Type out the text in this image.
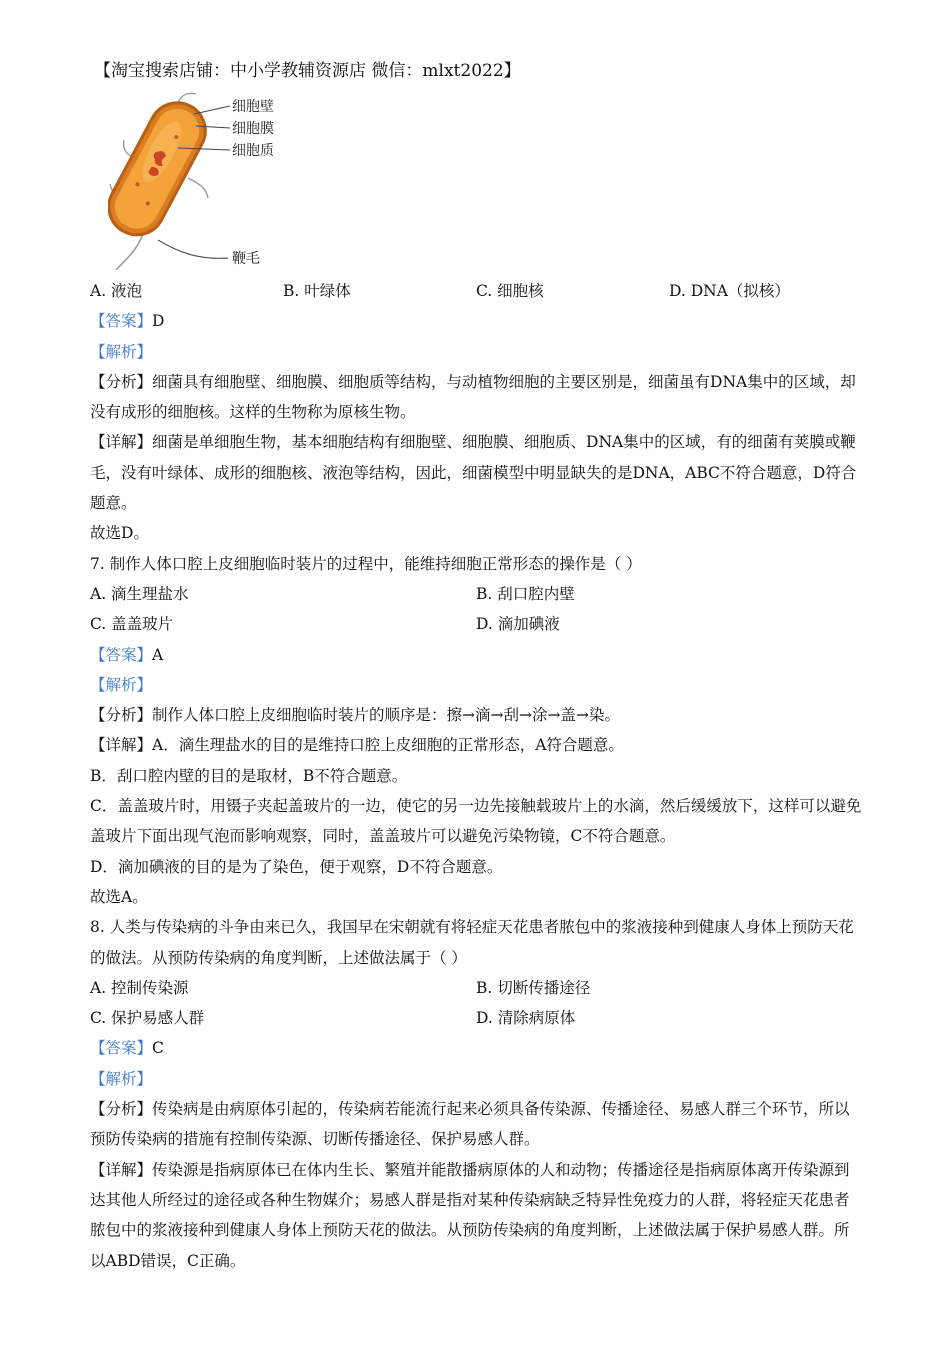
【淘宝搜索店铺：中小学教辅资源店 微信：mlxt2022】
细胞壁
细胞膜
细胞质
鞭毛
A. 液泡	B. 叶绿体	C. 细胞核	D. DNA（拟核）
【答案】D
【解析】
【分析】细菌具有细胞壁、细胞膜、细胞质等结构，与动植物细胞的主要区别是，细菌虽有DNA集中的区域，却没有成形的细胞核。这样的生物称为原核生物。
【详解】细菌是单细胞生物，基本细胞结构有细胞壁、细胞膜、细胞质、DNA集中的区域，有的细菌有荚膜或鞭毛，没有叶绿体、成形的细胞核、液泡等结构，因此，细菌模型中明显缺失的是DNA，ABC不符合题意，D符合题意。
故选D。
7. 制作人体口腔上皮细胞临时装片的过程中，能维持细胞正常形态的操作是（ ）
A. 滴生理盐水	B. 刮口腔内壁
C. 盖盖玻片	D. 滴加碘液
【答案】A
【解析】
【分析】制作人体口腔上皮细胞临时装片的顺序是：擦→滴→刮→涂→盖→染。
【详解】A．滴生理盐水的目的是维持口腔上皮细胞的正常形态，A符合题意。
B．刮口腔内壁的目的是取材，B不符合题意。
C．盖盖玻片时，用镊子夹起盖玻片的一边，使它的另一边先接触载玻片上的水滴，然后缓缓放下，这样可以避免盖玻片下面出现气泡而影响观察，同时，盖盖玻片可以避免污染物镜，C不符合题意。
D．滴加碘液的目的是为了染色，便于观察，D不符合题意。
故选A。
8. 人类与传染病的斗争由来已久，我国早在宋朝就有将轻症天花患者脓包中的浆液接种到健康人身体上预防天花的做法。从预防传染病的角度判断，上述做法属于（ ）
A. 控制传染源	B. 切断传播途径
C. 保护易感人群	D. 清除病原体
【答案】C
【解析】
【分析】传染病是由病原体引起的，传染病若能流行起来必须具备传染源、传播途径、易感人群三个环节，所以预防传染病的措施有控制传染源、切断传播途径、保护易感人群。
【详解】传染源是指病原体已在体内生长、繁殖并能散播病原体的人和动物；传播途径是指病原体离开传染源到达其他人所经过的途径或各种生物媒介；易感人群是指对某种传染病缺乏特异性免疫力的人群，将轻症天花患者脓包中的浆液接种到健康人身体上预防天花的做法。从预防传染病的角度判断，上述做法属于保护易感人群。所以ABD错误，C正确。
